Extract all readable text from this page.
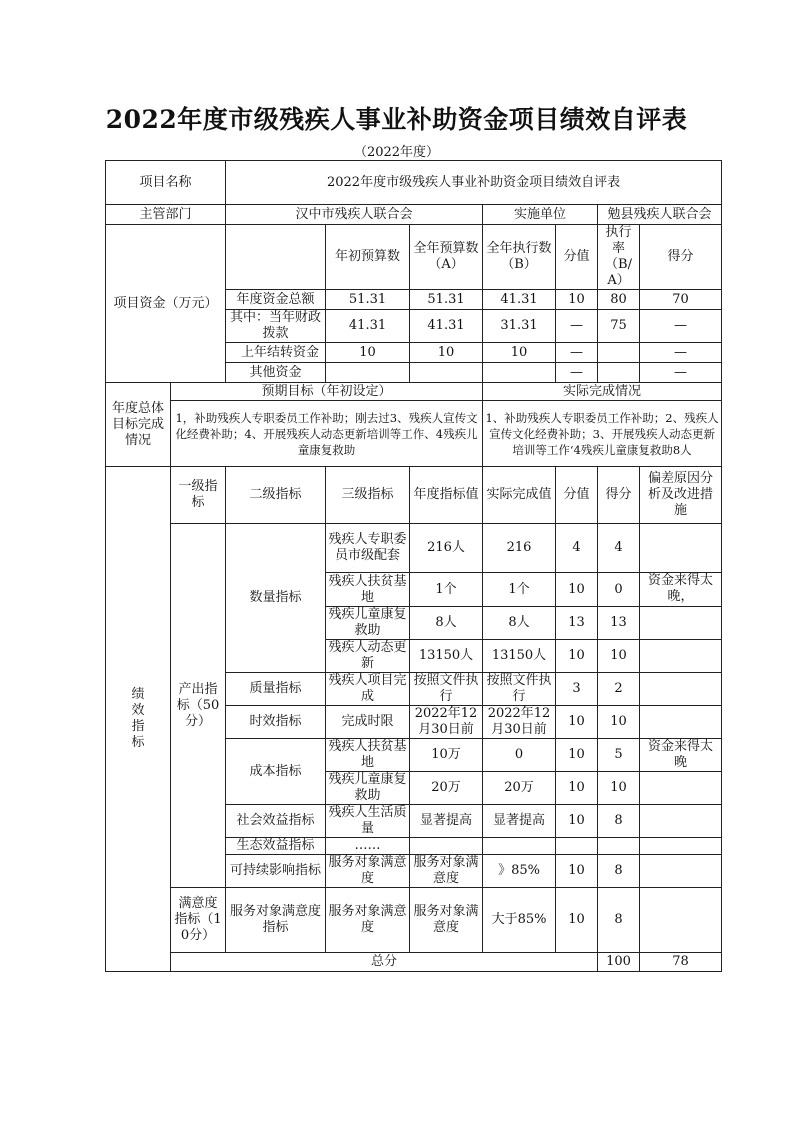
2022年度市级残疾人事业补助资金项目绩效自评表
（2022年度）
项目名称		2022年度市级残疾人事业补助资金项目绩效自评表							
主管部门		汉中市残疾人联合会			实施单位		勉县残疾人联合会		
项目资金（万元）			年初预算数	全年预算数（A）	全年执行数（B）	分值	执行率（B/A）	得分	
		年度资金总额	51.31	51.31	41.31	10	80	70	
		其中：当年财政拨款	41.31	41.31	31.31	—	75	—	
		上年结转资金	10	10	10	—		—	
		其他资金				—		—	
年度总体目标完成情况	预期目标（年初设定）				实际完成情况				
	1，补助残疾人专职委员工作补助；刚去过3、残疾人宣传文化经费补助；4、开展残疾人动态更新培训等工作、4残疾儿童康复救助				1、补助残疾人专职委员工作补助；2、残疾人宣传文化经费补助；3、开展残疾人动态更新培训等工作‘4残疾儿童康复救助8人				
绩效指标	一级指标	二级指标	三级指标	年度指标值	实际完成值	分值	得分	偏差原因分析及改进措施	
	产出指标（50分）	数量指标	残疾人专职委员市级配套	216人	216	4	4		
			残疾人扶贫基地	1个	1个	10	0	资金来得太晚，	
			残疾儿童康复救助	8人	8人	13	13		
			残疾人动态更新	13150人	13150人	10	10		
		质量指标	残疾人项目完成	按照文件执行	按照文件执行	3	2		
		时效指标	完成时限	2022年12月30日前	2022年12月30日前	10	10		
		成本指标	残疾人扶贫基地	10万	0	10	5	资金来得太晚	
			残疾儿童康复救助	20万	20万	10	10		
		社会效益指标	残疾人生活质量	显著提高	显著提高	10	8		
		生态效益指标	……						
		可持续影响指标	服务对象满意度	服务对象满意度	》85%	10	8		
	满意度指标（10分）	服务对象满意度指标	服务对象满意度	服务对象满意度	大于85%	10	8		
	总分						100	78	
